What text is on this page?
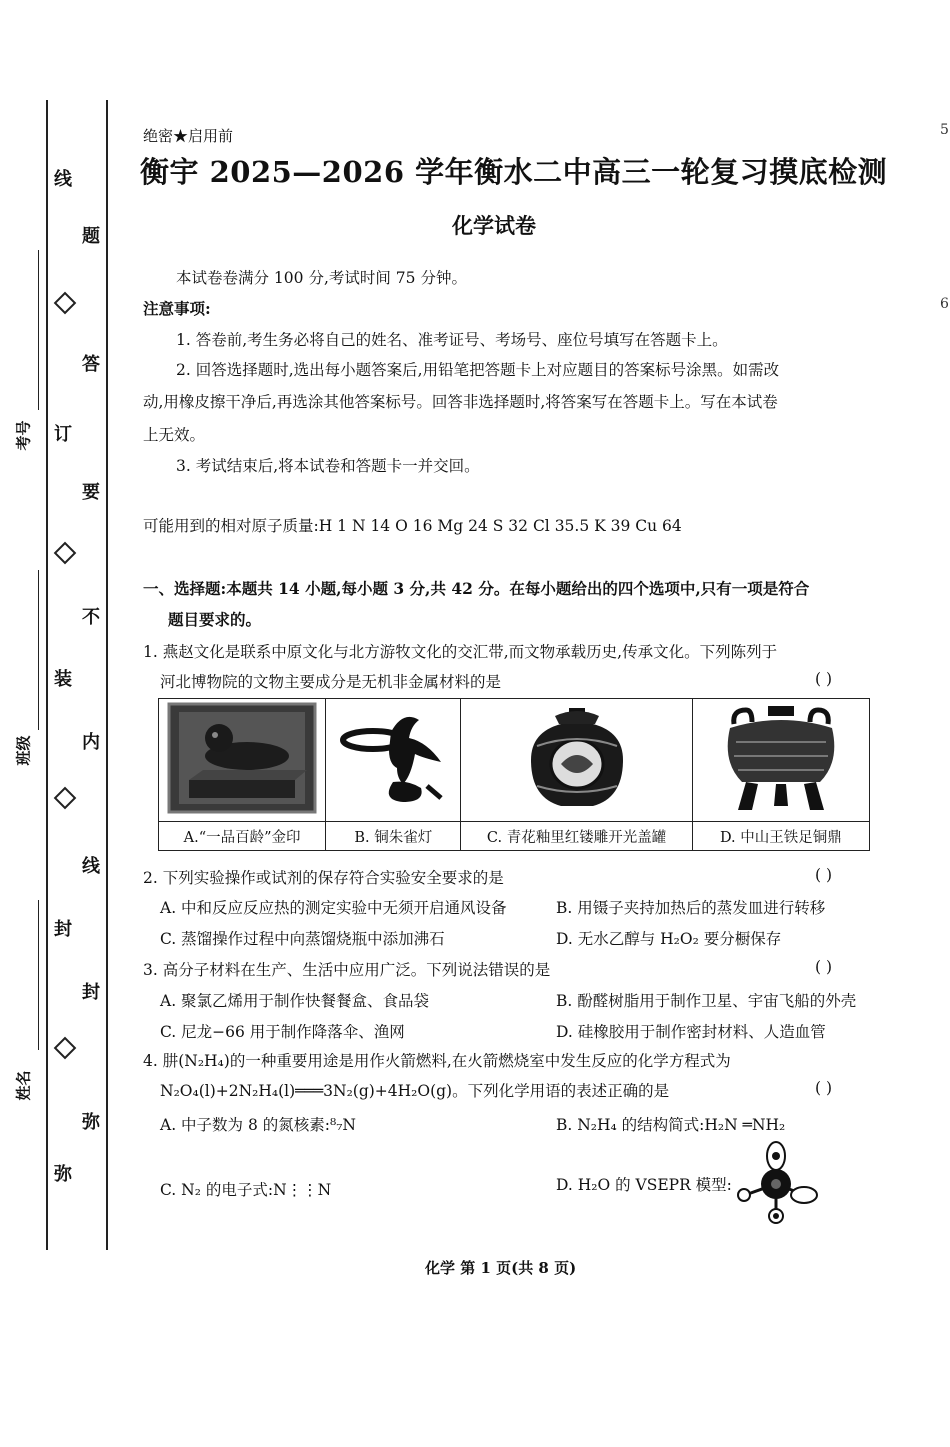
线
订
装
封
弥
题
答
要
不
内
线
封
弥
考号
班级
姓名
5
6
绝密★启用前
衡宇 2025—2026 学年衡水二中高三一轮复习摸底检测
化学试卷
本试卷卷满分 100 分,考试时间 75 分钟。
注意事项:
1. 答卷前,考生务必将自己的姓名、准考证号、考场号、座位号填写在答题卡上。
2. 回答选择题时,选出每小题答案后,用铅笔把答题卡上对应题目的答案标号涂黑。如需改
动,用橡皮擦干净后,再选涂其他答案标号。回答非选择题时,将答案写在答题卡上。写在本试卷
上无效。
3. 考试结束后,将本试卷和答题卡一并交回。
可能用到的相对原子质量:H 1 N 14 O 16 Mg 24 S 32 Cl 35.5 K 39 Cu 64
一、选择题:本题共 14 小题,每小题 3 分,共 42 分。在每小题给出的四个选项中,只有一项是符合
题目要求的。
1. 燕赵文化是联系中原文化与北方游牧文化的交汇带,而文物承载历史,传承文化。下列陈列于
河北博物院的文物主要成分是无机非金属材料的是	( )

A.“一品百龄”金印	B. 铜朱雀灯	C. 青花釉里红镂雕开光盖罐	D. 中山王铁足铜鼎
2. 下列实验操作或试剂的保存符合实验安全要求的是	( )
A. 中和反应反应热的测定实验中无须开启通风设备	B. 用镊子夹持加热后的蒸发皿进行转移
C. 蒸馏操作过程中向蒸馏烧瓶中添加沸石	D. 无水乙醇与 H₂O₂ 要分橱保存
3. 高分子材料在生产、生活中应用广泛。下列说法错误的是	( )
A. 聚氯乙烯用于制作快餐餐盒、食品袋	B. 酚醛树脂用于制作卫星、宇宙飞船的外壳
C. 尼龙−66 用于制作降落伞、渔网	D. 硅橡胶用于制作密封材料、人造血管
4. 肼(N₂H₄)的一种重要用途是用作火箭燃料,在火箭燃烧室中发生反应的化学方程式为
N₂O₄(l)+2N₂H₄(l)═══3N₂(g)+4H₂O(g)。下列化学用语的表述正确的是	( )
A. 中子数为 8 的氮核素:⁸₇N	B. N₂H₄ 的结构简式:H₂N ═NH₂
C. N₂ 的电子式:N⋮⋮N	D. H₂O 的 VSEPR 模型:
化学 第 1 页(共 8 页)
